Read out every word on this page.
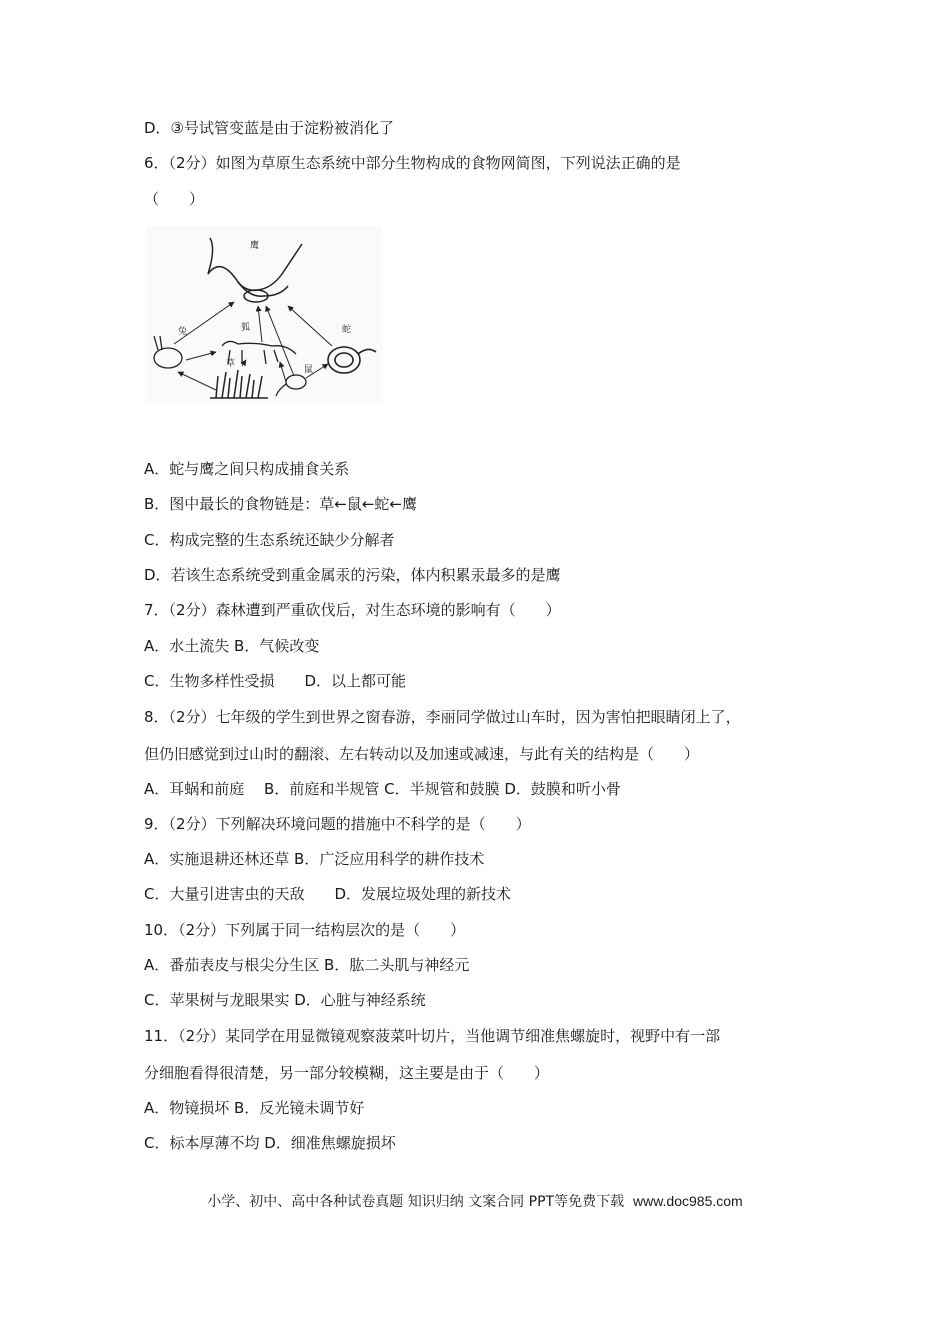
D．③号试管变蓝是由于淀粉被消化了
6．（2分）如图为草原生态系统中部分生物构成的食物网简图，下列说法正确的是
（　　）
鹰
狐
兔	蛇
草
鼠
A．蛇与鹰之间只构成捕食关系
B．图中最长的食物链是：草←鼠←蛇←鹰
C．构成完整的生态系统还缺少分解者
D．若该生态系统受到重金属汞的污染，体内积累汞最多的是鹰
7．（2分）森林遭到严重砍伐后，对生态环境的影响有（　　）
A．水土流失 B．气候改变
C．生物多样性受损　　D．以上都可能
8．（2分）七年级的学生到世界之窗春游，李丽同学做过山车时，因为害怕把眼睛闭上了，
但仍旧感觉到过山时的翻滚、左右转动以及加速或减速，与此有关的结构是（　　）
A．耳蜗和前庭　 B．前庭和半规管 C．半规管和鼓膜 D．鼓膜和听小骨
9．（2分）下列解决环境问题的措施中不科学的是（　　）
A．实施退耕还林还草 B．广泛应用科学的耕作技术
C．大量引进害虫的天敌　　D．发展垃圾处理的新技术
10．（2分）下列属于同一结构层次的是（　　）
A．番茄表皮与根尖分生区 B．肱二头肌与神经元
C．苹果树与龙眼果实 D．心脏与神经系统
11．（2分）某同学在用显微镜观察菠菜叶切片，当他调节细准焦螺旋时，视野中有一部
分细胞看得很清楚，另一部分较模糊，这主要是由于（　　）
A．物镜损坏 B．反光镜未调节好
C．标本厚薄不均 D．细准焦螺旋损坏
小学、初中、高中各种试卷真题 知识归纳 文案合同 PPT等免费下载 www.doc985.com
